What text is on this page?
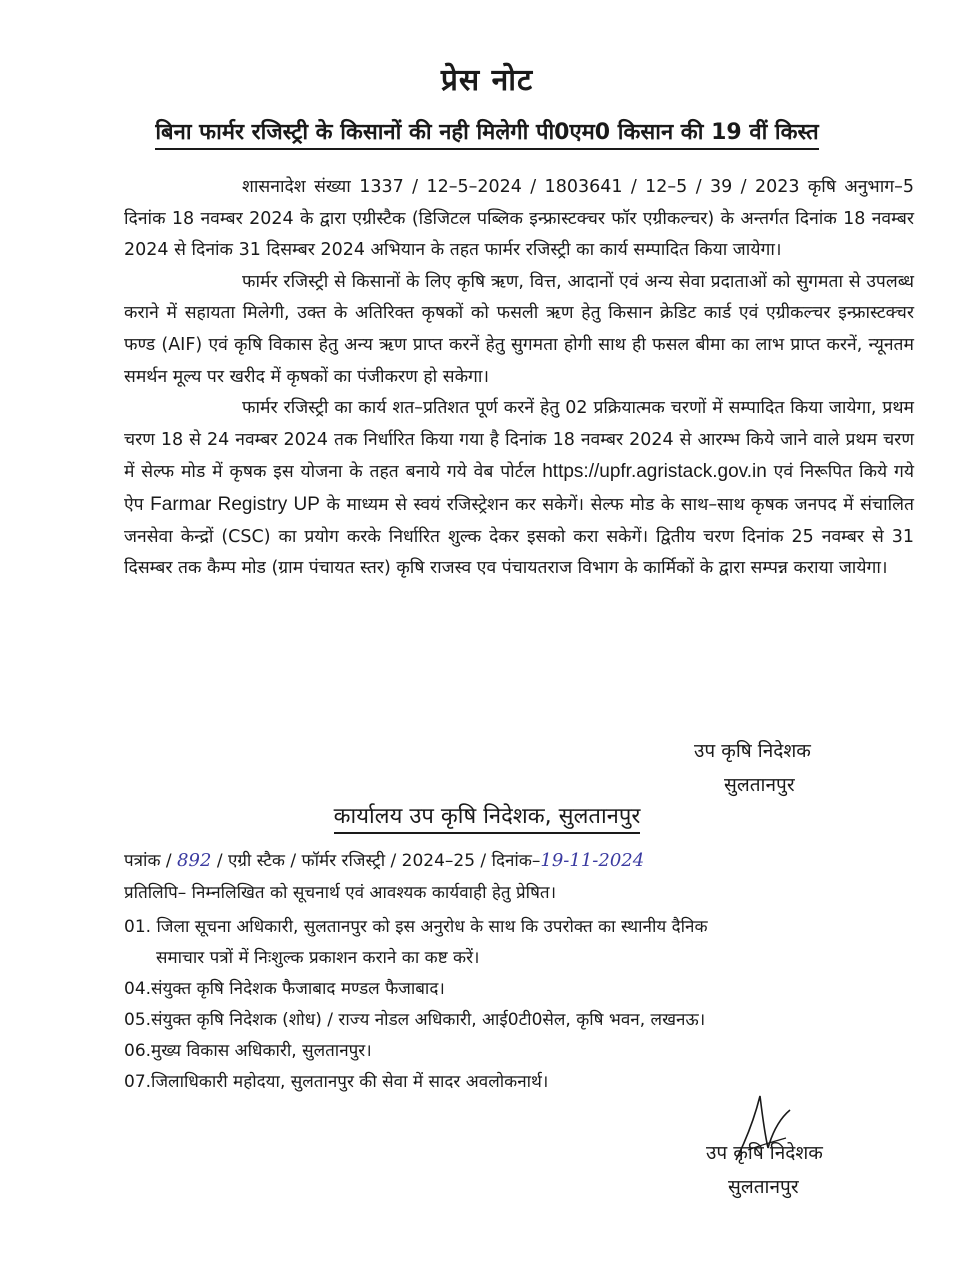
प्रेस नोट
बिना फार्मर रजिस्ट्री के किसानों की नही मिलेगी पी0एम0 किसान की 19 वीं किस्त

शासनादेश संख्या 1337 / 12–5–2024 / 1803641 / 12–5 / 39 / 2023 कृषि अनुभाग–5 दिनांक 18 नवम्बर 2024 के द्वारा एग्रीस्टैक (डिजिटल पब्लिक इन्फ्रास्टक्चर फॉर एग्रीकल्चर) के अन्तर्गत दिनांक 18 नवम्बर 2024 से दिनांक 31 दिसम्बर 2024 अभियान के तहत फार्मर रजिस्ट्री का कार्य सम्पादित किया जायेगा।

फार्मर रजिस्ट्री से किसानों के लिए कृषि ऋण, वित्त, आदानों एवं अन्य सेवा प्रदाताओं को सुगमता से उपलब्ध कराने में सहायता मिलेगी, उक्त के अतिरिक्त कृषकों को फसली ऋण हेतु किसान क्रेडिट कार्ड एवं एग्रीकल्चर इन्फ्रास्टक्चर फण्ड (AIF) एवं कृषि विकास हेतु अन्य ऋण प्राप्त करनें हेतु सुगमता होगी साथ ही फसल बीमा का लाभ प्राप्त करनें, न्यूनतम समर्थन मूल्य पर खरीद में कृषकों का पंजीकरण हो सकेगा।

फार्मर रजिस्ट्री का कार्य शत–प्रतिशत पूर्ण करनें हेतु 02 प्रक्रियात्मक चरणों में सम्पादित किया जायेगा, प्रथम चरण 18 से 24 नवम्बर 2024 तक निर्धारित किया गया है दिनांक 18 नवम्बर 2024 से आरम्भ किये जाने वाले प्रथम चरण में सेल्फ मोड में कृषक इस योजना के तहत बनाये गये वेब पोर्टल https://upfr.agristack.gov.in एवं निरूपित किये गये ऐप Farmar Registry UP के माध्यम से स्वयं रजिस्ट्रेशन कर सकेगें। सेल्फ मोड के साथ–साथ कृषक जनपद में संचालित जनसेवा केन्द्रों (CSC) का प्रयोग करके निर्धारित शुल्क देकर इसको करा सकेगें। द्वितीय चरण दिनांक 25 नवम्बर से 31 दिसम्बर तक कैम्प मोड (ग्राम पंचायत स्तर) कृषि राजस्व एव पंचायतराज विभाग के कार्मिकों के द्वारा सम्पन्न कराया जायेगा।

उप कृषि निदेशक
सुलतानपुर
कार्यालय उप कृषि निदेशक, सुलतानपुर
पत्रांक / 892 / एग्री स्टैक / फॉर्मर रजिस्ट्री / 2024–25 / दिनांक–19-11-2024
प्रतिलिपि– निम्नलिखित को सूचनार्थ एवं आवश्यक कार्यवाही हेतु प्रेषित।
01. जिला सूचना अधिकारी, सुलतानपुर को इस अनुरोध के साथ कि उपरोक्त का स्थानीय दैनिक
समाचार पत्रों में निःशुल्क प्रकाशन कराने का कष्ट करें।
04.संयुक्त कृषि निदेशक फैजाबाद मण्डल फैजाबाद।
05.संयुक्त कृषि निदेशक (शोध) / राज्य नोडल अधिकारी, आई0टी0सेल, कृषि भवन, लखनऊ।
06.मुख्य विकास अधिकारी, सुलतानपुर।
07.जिलाधिकारी महोदया, सुलतानपुर की सेवा में सादर अवलोकनार्थ।
उप कृषि निदेशक
सुलतानपुर
